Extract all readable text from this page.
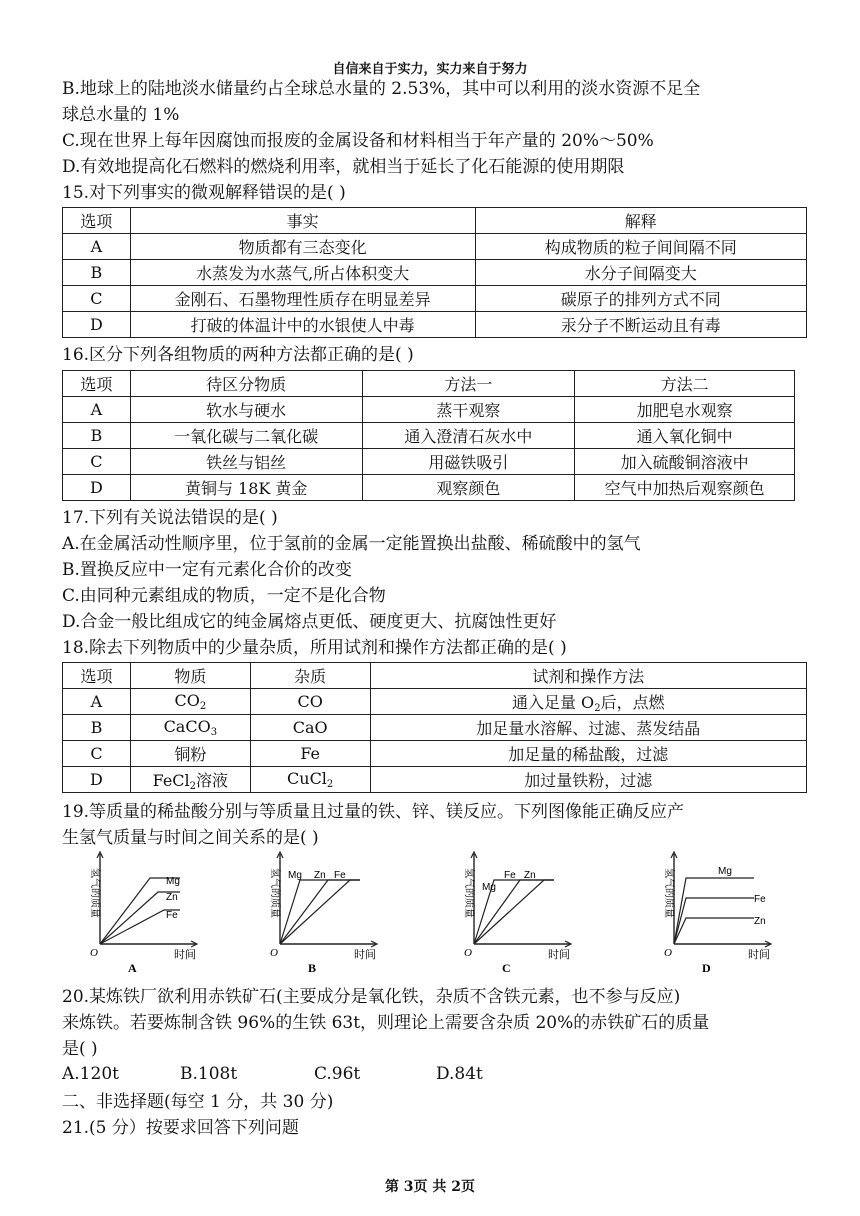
自信来自于实力，实力来自于努力
B.地球上的陆地淡水储量约占全球总水量的 2.53%，其中可以利用的淡水资源不足全
球总水量的 1%
C.现在世界上每年因腐蚀而报废的金属设备和材料相当于年产量的 20%～50%
D.有效地提高化石燃料的燃烧利用率，就相当于延长了化石能源的使用期限
15.对下列事实的微观解释错误的是( )
选项	事实	解释
A	物质都有三态变化	构成物质的粒子间间隔不同
B	水蒸发为水蒸气,所占体积变大	水分子间隔变大
C	金刚石、石墨物理性质存在明显差异	碳原子的排列方式不同
D	打破的体温计中的水银使人中毒	汞分子不断运动且有毒
16.区分下列各组物质的两种方法都正确的是( )
选项	待区分物质	方法一	方法二
A	软水与硬水	蒸干观察	加肥皂水观察
B	一氧化碳与二氧化碳	通入澄清石灰水中	通入氧化铜中
C	铁丝与铝丝	用磁铁吸引	加入硫酸铜溶液中
D	黄铜与 18K 黄金	观察颜色	空气中加热后观察颜色
17.下列有关说法错误的是( )
A.在金属活动性顺序里，位于氢前的金属一定能置换出盐酸、稀硫酸中的氢气
B.置换反应中一定有元素化合价的改变
C.由同种元素组成的物质，一定不是化合物
D.合金一般比组成它的纯金属熔点更低、硬度更大、抗腐蚀性更好
18.除去下列物质中的少量杂质，所用试剂和操作方法都正确的是( )
选项	物质	杂质	试剂和操作方法
A	$CO_2$	CO	通入足量 $O_2$后，点燃
B	CaCO$_3$	CaO	加足量水溶解、过滤、蒸发结晶
C	铜粉	Fe	加足量的稀盐酸，过滤
D	FeCl$_2$溶液	CuCl$_2$	加过量铁粉，过滤
19.等质量的稀盐酸分别与等质量且过量的铁、锌、镁反应。下列图像能正确反应产
生氢气质量与时间之间关系的是( )
Mg
Zn
Fe
氢气的质量
时间
O
A
Mg Zn Fe
氢气的质量
时间
O
B
Mg
Fe Zn
氢气的质量
时间
O
C
Mg
Fe
Zn
氢气的质量
时间
O
D
20.某炼铁厂欲利用赤铁矿石(主要成分是氧化铁，杂质不含铁元素，也不参与反应)
来炼铁。若要炼制含铁 96%的生铁 63t，则理论上需要含杂质 20%的赤铁矿石的质量
是( )
A.120t	B.108t	C.96t	D.84t
二、非选择题(每空 1 分，共 30 分)
21.(5 分）按要求回答下列问题
第 3页 共 2页
